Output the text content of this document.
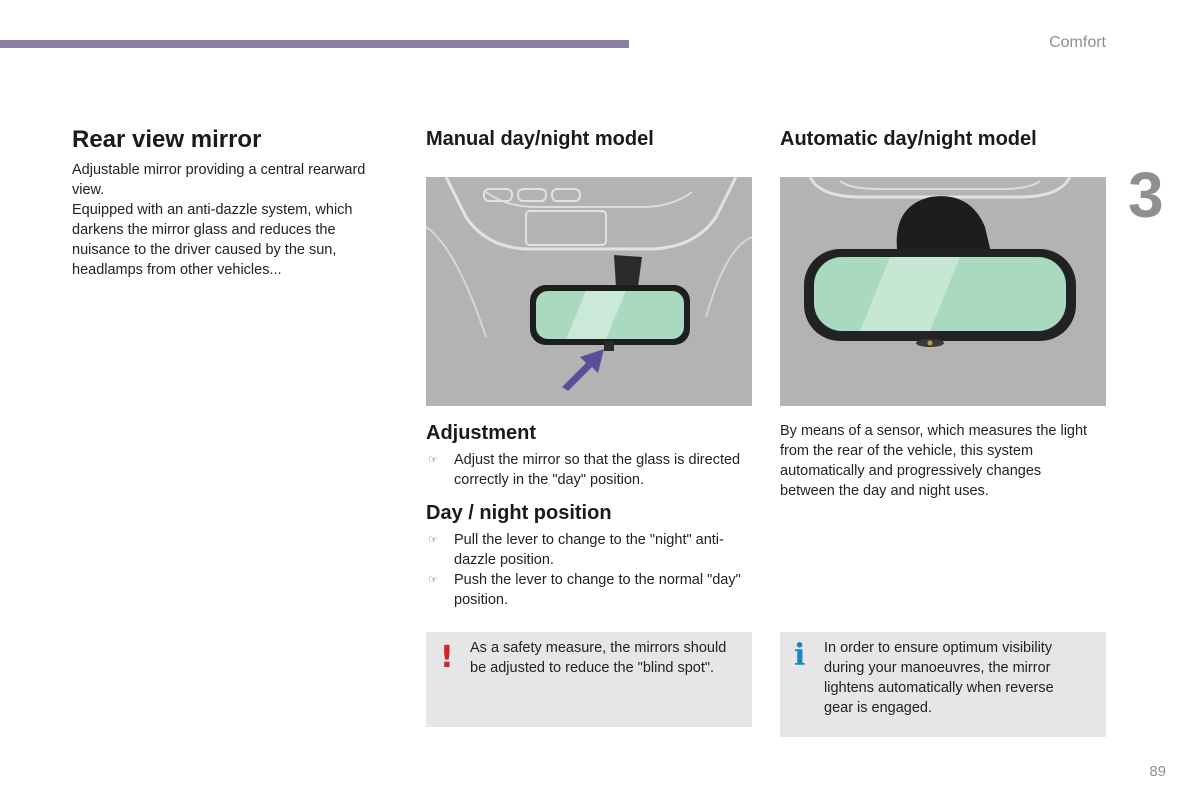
Comfort
3
Rear view mirror

Adjustable mirror providing a central rearward view.

Equipped with an anti-dazzle system, which darkens the mirror glass and reduces the nuisance to the driver caused by the sun, headlamps from other vehicles...

Manual day/night model
Adjustment
☞ Adjust the mirror so that the glass is directed correctly in the "day" position.
Day / night position
☞ Pull the lever to change to the "night" anti-dazzle position.
☞ Push the lever to change to the normal "day" position.
! As a safety measure, the mirrors should be adjusted to reduce the "blind spot".

Automatic day/night model

By means of a sensor, which measures the light from the rear of the vehicle, this system automatically and progressively changes between the day and night uses.

i In order to ensure optimum visibility during your manoeuvres, the mirror lightens automatically when reverse gear is engaged.

89
